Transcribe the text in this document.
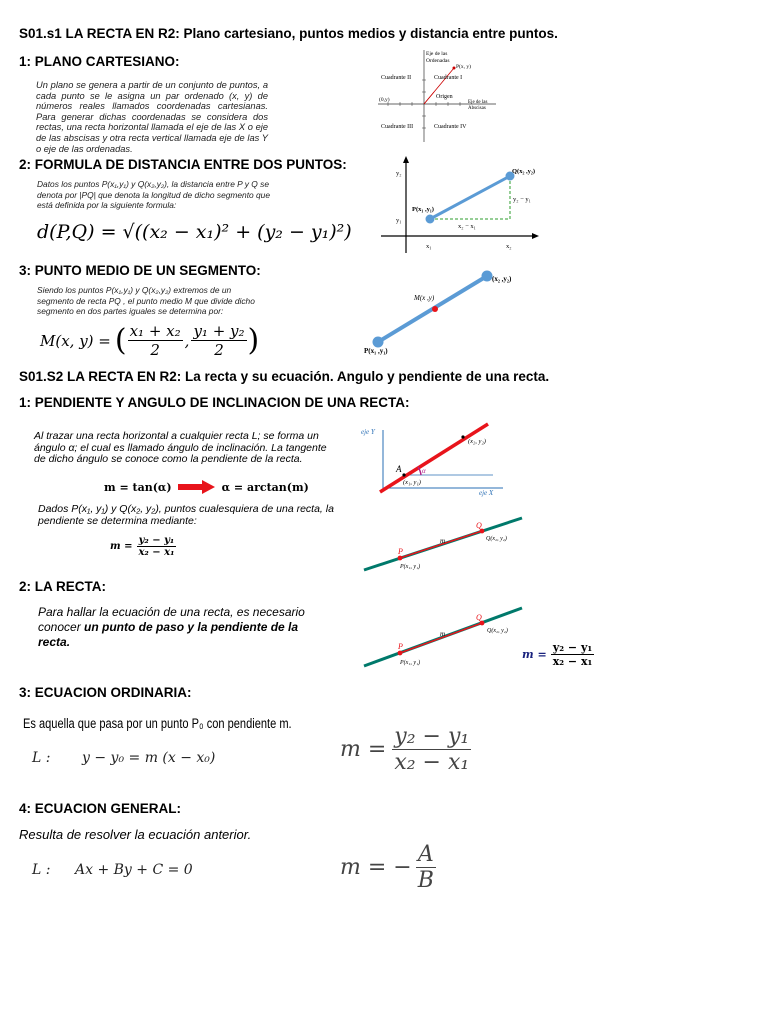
S01.s1 LA RECTA EN R2: Plano cartesiano, puntos medios y distancia entre puntos.
1: PLANO CARTESIANO:
Un plano se genera a partir de un conjunto de puntos, a cada punto se le asigna un par ordenado (x, y) de números reales llamados coordenadas cartesianas. Para generar dichas coordenadas se considera dos rectas, una recta horizontal llamada el eje de las X o eje de las abscisas y otra recta vertical llamada eje de las Y o eje de las ordenadas.
Eje de las
Ordenadas
P(x, y)
Cuadrante II	Cuadrante I
(0,y)	Origen
Eje de las
Abscisas
Cuadrante III	Cuadrante IV
2: FORMULA DE DISTANCIA ENTRE DOS PUNTOS:
Datos los puntos P(x₁,y₁) y Q(x₂,y₂), la distancia entre P y Q se denota por |PQ| que denota la longitud de dicho segmento que está definida por la siguiente formula:
d(P,Q) = √((x₂ − x₁)² + (y₂ − y₁)²)
Q(x₂ ,y₂)
P(x₁ ,y₁)
y₂ − y₁
x₂ − x₁
y₂
y₁
x₁	x₂
3: PUNTO MEDIO DE UN SEGMENTO:
Siendo los puntos P(x₁,y₁) y Q(x₂,y₂) extremos de un segmento de recta PQ , el punto medio M que divide dicho segmento en dos partes iguales se determina por:
M(x, y) = ( $\frac{\text{x₁ + x₂}}{2}$ , $\frac{\text{y₁ + y₂}}{2}$ )
(x₂ ,y₂)
M(x ,y)
P(x₁ ,y₁)
S01.S2 LA RECTA EN R2: La recta y su ecuación. Angulo y pendiente de una recta.
1: PENDIENTE Y ANGULO DE INCLINACION DE UNA RECTA:
Al trazar una recta horizontal a cualquier recta L; se forma un ángulo α; el cual es llamado ángulo de inclinación. La tangente de dicho ángulo se conoce como la pendiente de la recta.
m = tan(α)	α = arctan(m)
Dados P(x₁, y₁) y Q(x₂, y₂), puntos cualesquiera de una recta, la pendiente se determina mediante:
$m = \frac{\text{y₂ − y₁}}{\text{x₂ − x₁}}$
eje Y
eje X
A	α
(x₁, y₁)
(x₂, y₂)
P
Q
m
P(x₁, y₁)
Q(x₂, y₂)
2: LA RECTA:
Para hallar la ecuación de una recta, es necesario conocer un punto de paso y la pendiente de la recta.	P
Q
m
P(x₁, y₁)
Q(x₂, y₂)
$m = \frac{\text{y₂ − y₁}}{\text{x₂ − x₁}}$
3: ECUACION ORDINARIA:
Es aquella que pasa por un punto P₀ con pendiente m.
L : y − y₀ = m (x − x₀)	$m = \frac{\text{y₂ − y₁}}{\text{x₂ − x₁}}$
4: ECUACION GENERAL:
Resulta de resolver la ecuación anterior.
L : Ax + By + C = 0	m = − $\frac{A}{B}$
